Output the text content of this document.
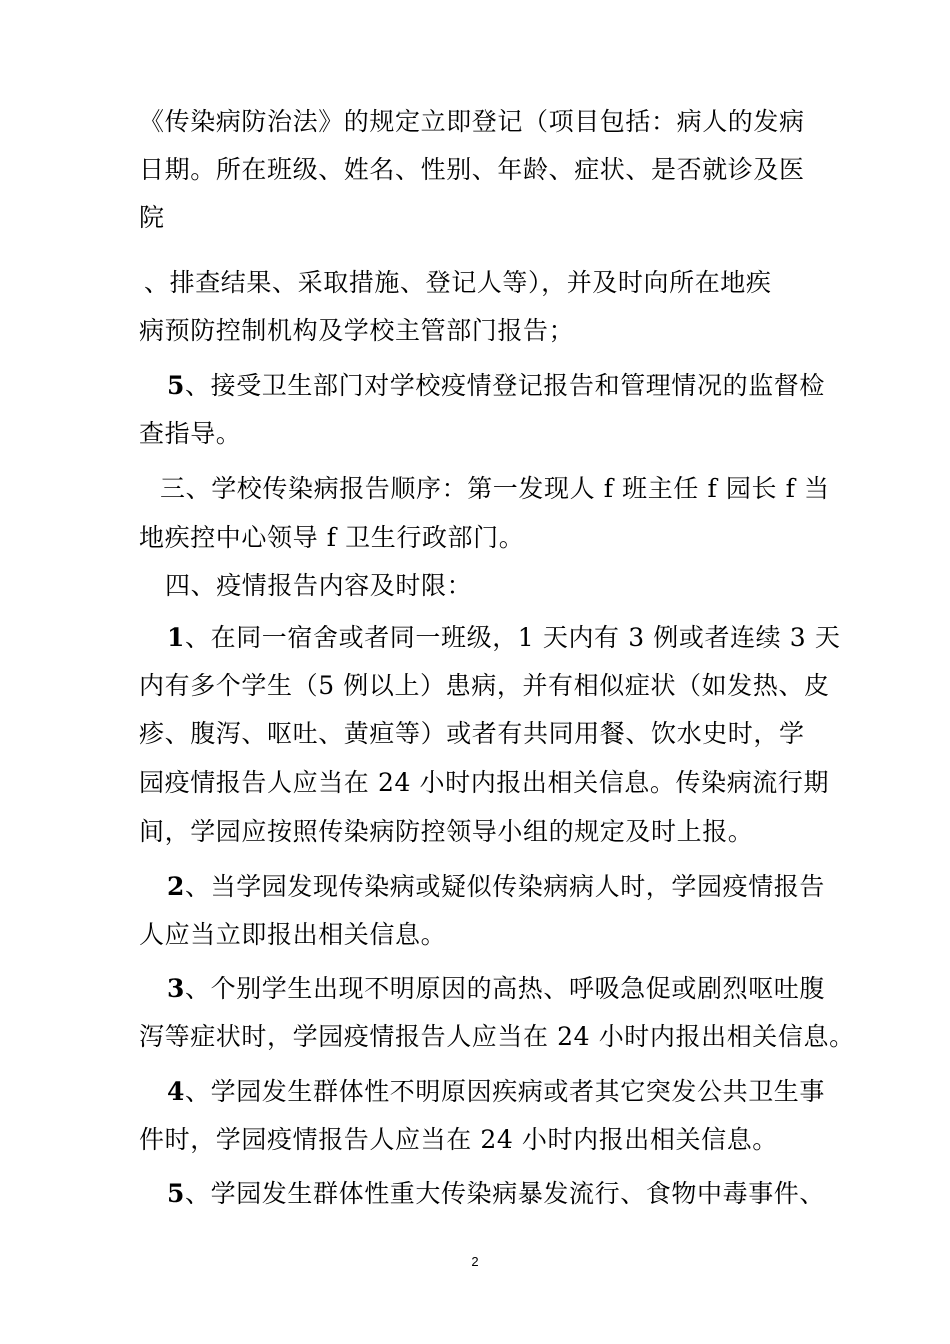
《传染病防治法》的规定立即登记（项目包括：病人的发病
日期。所在班级、姓名、性别、年龄、症状、是否就诊及医
院
、排查结果、采取措施、登记人等），并及时向所在地疾
病预防控制机构及学校主管部门报告；
5、接受卫生部门对学校疫情登记报告和管理情况的监督检
查指导。
三、学校传染病报告顺序：第一发现人 f 班主任 f 园长 f 当
地疾控中心领导 f 卫生行政部门。
四、疫情报告内容及时限：
1、在同一宿舍或者同一班级，1 天内有 3 例或者连续 3 天
内有多个学生（5 例以上）患病，并有相似症状（如发热、皮
疹、腹泻、呕吐、黄疸等）或者有共同用餐、饮水史时，学
园疫情报告人应当在 24 小时内报出相关信息。传染病流行期
间，学园应按照传染病防控领导小组的规定及时上报。
2、当学园发现传染病或疑似传染病病人时，学园疫情报告
人应当立即报出相关信息。
3、个别学生出现不明原因的高热、呼吸急促或剧烈呕吐腹
泻等症状时，学园疫情报告人应当在 24 小时内报出相关信息。
4、学园发生群体性不明原因疾病或者其它突发公共卫生事
件时，学园疫情报告人应当在 24 小时内报出相关信息。
5、学园发生群体性重大传染病暴发流行、食物中毒事件、
2
